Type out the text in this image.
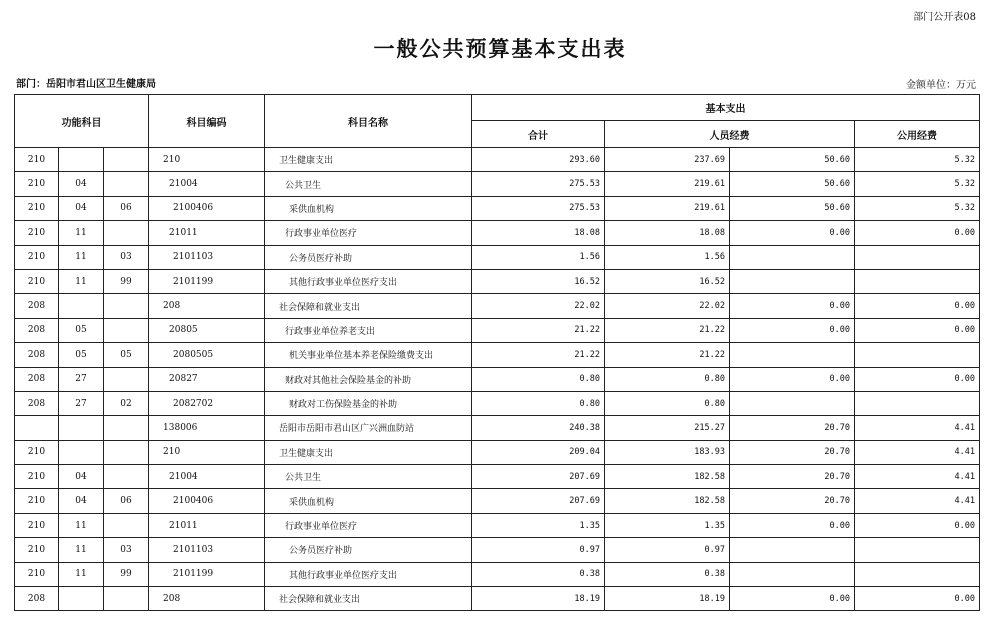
部门公开表08
一般公共预算基本支出表
部门：岳阳市君山区卫生健康局	金额单位：万元
功能科目			科目编码	科目名称	基本支出			
					合计	人员经费		公用经费
210			210	卫生健康支出	293.60	237.69	50.60	5.32
210	04		21004	公共卫生	275.53	219.61	50.60	5.32
210	04	06	2100406	采供血机构	275.53	219.61	50.60	5.32
210	11		21011	行政事业单位医疗	18.08	18.08	0.00	0.00
210	11	03	2101103	公务员医疗补助	1.56	1.56		
210	11	99	2101199	其他行政事业单位医疗支出	16.52	16.52		
208			208	社会保障和就业支出	22.02	22.02	0.00	0.00
208	05		20805	行政事业单位养老支出	21.22	21.22	0.00	0.00
208	05	05	2080505	机关事业单位基本养老保险缴费支出	21.22	21.22		
208	27		20827	财政对其他社会保险基金的补助	0.80	0.80	0.00	0.00
208	27	02	2082702	财政对工伤保险基金的补助	0.80	0.80		
			138006	岳阳市岳阳市君山区广兴洲血防站	240.38	215.27	20.70	4.41
210			210	卫生健康支出	209.04	183.93	20.70	4.41
210	04		21004	公共卫生	207.69	182.58	20.70	4.41
210	04	06	2100406	采供血机构	207.69	182.58	20.70	4.41
210	11		21011	行政事业单位医疗	1.35	1.35	0.00	0.00
210	11	03	2101103	公务员医疗补助	0.97	0.97		
210	11	99	2101199	其他行政事业单位医疗支出	0.38	0.38		
208			208	社会保障和就业支出	18.19	18.19	0.00	0.00
